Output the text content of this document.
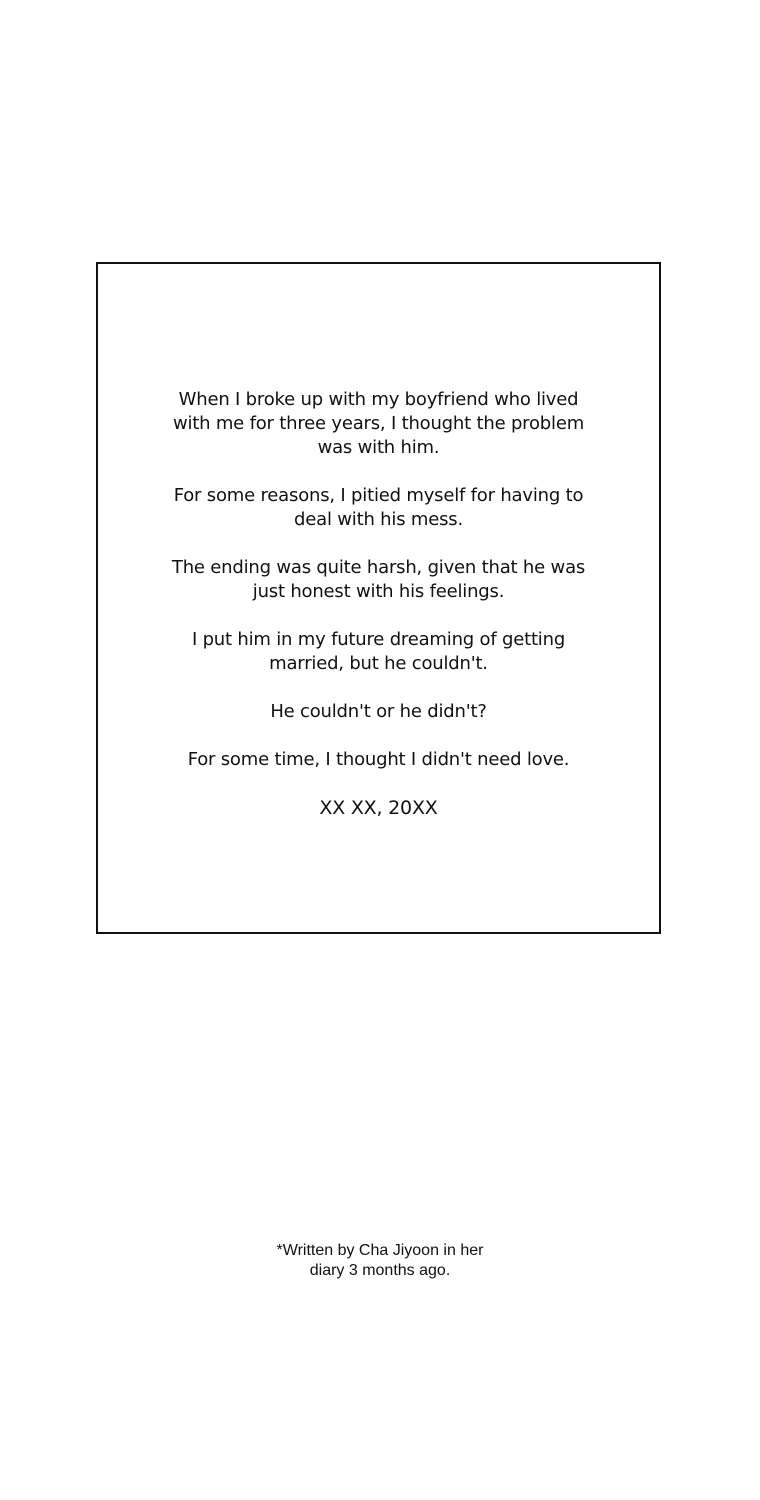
When I broke up with my boyfriend who lived
with me for three years, I thought the problem
was with him.

For some reasons, I pitied myself for having to
deal with his mess.

The ending was quite harsh, given that he was
just honest with his feelings.

I put him in my future dreaming of getting
married, but he couldn't.

He couldn't or he didn't?

For some time, I thought I didn't need love.

XX XX, 20XX

*Written by Cha Jiyoon in her
diary 3 months ago.
